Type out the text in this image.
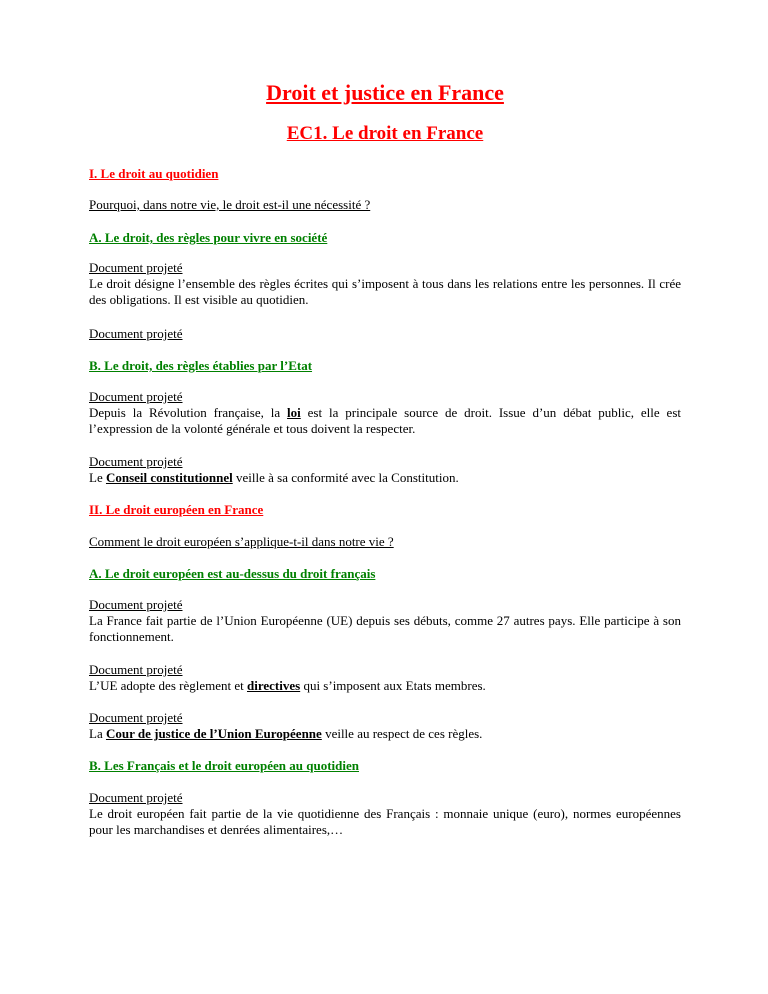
Droit et justice en France
EC1. Le droit en France

I. Le droit au quotidien

Pourquoi, dans notre vie, le droit est-il une nécessité ?

A. Le droit, des règles pour vivre en société

Document projeté
Le droit désigne l’ensemble des règles écrites qui s’imposent à tous dans les relations entre les personnes. Il crée des obligations. Il est visible au quotidien.
Document projeté

B. Le droit, des règles établies par l’Etat

Document projeté
Depuis la Révolution française, la loi est la principale source de droit. Issue d’un débat public, elle est l’expression de la volonté générale et tous doivent la respecter.
Document projeté
Le Conseil constitutionnel veille à sa conformité avec la Constitution.

II. Le droit européen en France

Comment le droit européen s’applique-t-il dans notre vie ?

A. Le droit européen est au-dessus du droit français

Document projeté
La France fait partie de l’Union Européenne (UE) depuis ses débuts, comme 27 autres pays. Elle participe à son fonctionnement.
Document projeté
L’UE adopte des règlement et directives qui s’imposent aux Etats membres.
Document projeté
La Cour de justice de l’Union Européenne veille au respect de ces règles.

B. Les Français et le droit européen au quotidien

Document projeté
Le droit européen fait partie de la vie quotidienne des Français : monnaie unique (euro), normes européennes pour les marchandises et denrées alimentaires,…
